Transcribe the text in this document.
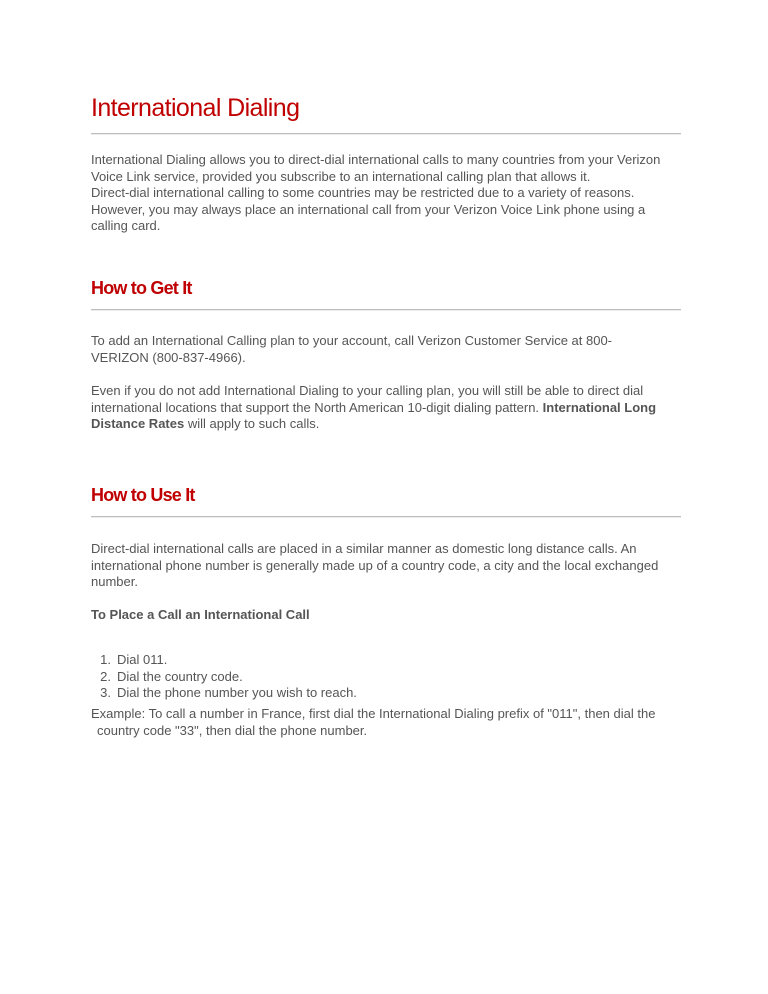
International Dialing

International Dialing allows you to direct-dial international calls to many countries from your Verizon Voice Link service, provided you subscribe to an international calling plan that allows it.
Direct-dial international calling to some countries may be restricted due to a variety of reasons. However, you may always place an international call from your Verizon Voice Link phone using a calling card.

How to Get It

To add an International Calling plan to your account, call Verizon Customer Service at 800-VERIZON (800-837-4966).

Even if you do not add International Dialing to your calling plan, you will still be able to direct dial international locations that support the North American 10-digit dialing pattern. International Long Distance Rates will apply to such calls.

How to Use It

Direct-dial international calls are placed in a similar manner as domestic long distance calls. An international phone number is generally made up of a country code, a city and the local exchanged number.

To Place a Call an International Call

1. Dial 011.
2. Dial the country code.
3. Dial the phone number you wish to reach.

Example: To call a number in France, first dial the International Dialing prefix of "011", then dial the
country code "33", then dial the phone number.
